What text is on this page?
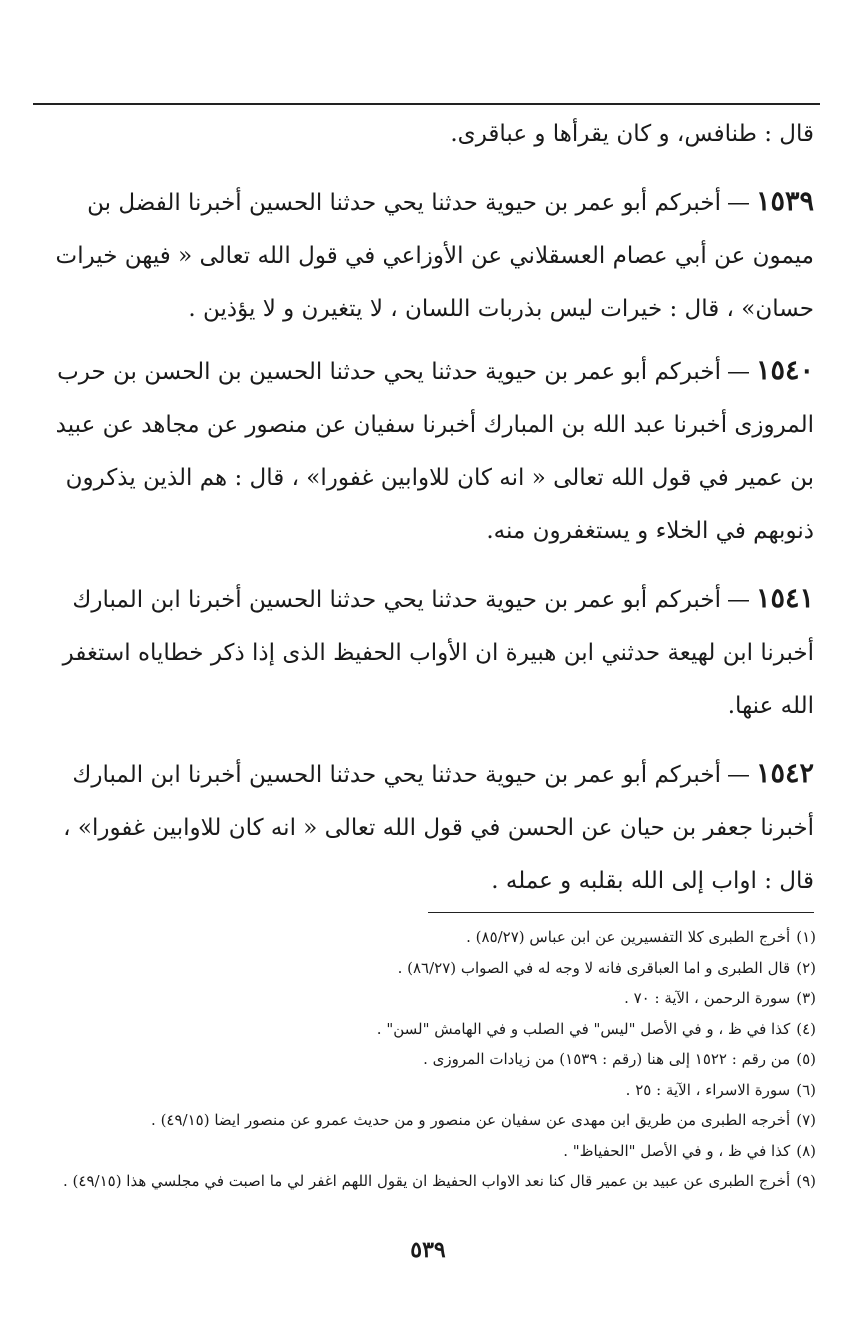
قال : طنافس، و كان يقرأها و عباقرى.

١٥٣٩—أخبركم أبو عمر بن حيوية حدثنا يحي حدثنا الحسين أخبرنا الفضل بن ميمون عن أبي عصام العسقلاني عن الأوزاعي في قول الله تعالى « فيهن خيرات حسان» ، قال : خيرات ليس بذربات اللسان ، لا يتغيرن و لا يؤذين .

١٥٤٠—أخبركم أبو عمر بن حيوية حدثنا يحي حدثنا الحسين بن الحسن بن حرب المروزى أخبرنا عبد الله بن المبارك أخبرنا سفيان عن منصور عن مجاهد عن عبيد بن عمير في قول الله تعالى « انه كان للاوابين غفورا» ، قال : هم الذين يذكرون ذنوبهم في الخلاء و يستغفرون منه.

١٥٤١—أخبركم أبو عمر بن حيوية حدثنا يحي حدثنا الحسين أخبرنا ابن المبارك أخبرنا ابن لهيعة حدثني ابن هبيرة ان الأواب الحفيظ الذى إذا ذكر خطاياه استغفر الله عنها.

١٥٤٢—أخبركم أبو عمر بن حيوية حدثنا يحي حدثنا الحسين أخبرنا ابن المبارك أخبرنا جعفر بن حيان عن الحسن في قول الله تعالى « انه كان للاوابين غفورا» ، قال : اواب إلى الله بقلبه و عمله .

(١)أخرج الطبرى كلا التفسيرين عن ابن عباس (٨٥/٢٧) .

(٢)قال الطبرى و اما العباقرى فانه لا وجه له في الصواب (٨٦/٢٧) .

(٣)سورة الرحمن ، الآية : ٧٠ .

(٤)كذا في ظ ، و في الأصل "ليس" في الصلب و في الهامش "لسن" .

(٥)من رقم : ١٥٢٢ إلى هنا (رقم : ١٥٣٩) من زيادات المروزى .

(٦)سورة الاسراء ، الآية : ٢٥ .

(٧)أخرجه الطبرى من طريق ابن مهدى عن سفيان عن منصور و من حديث عمرو عن منصور ايضا (٤٩/١٥) .

(٨)كذا في ظ ، و في الأصل "الحفياظ" .

(٩)أخرج الطبرى عن عبيد بن عمير قال كنا نعد الاواب الحفيظ ان يقول اللهم اغفر لي ما اصبت في مجلسي هذا (٤٩/١٥) .

٥٣٩
